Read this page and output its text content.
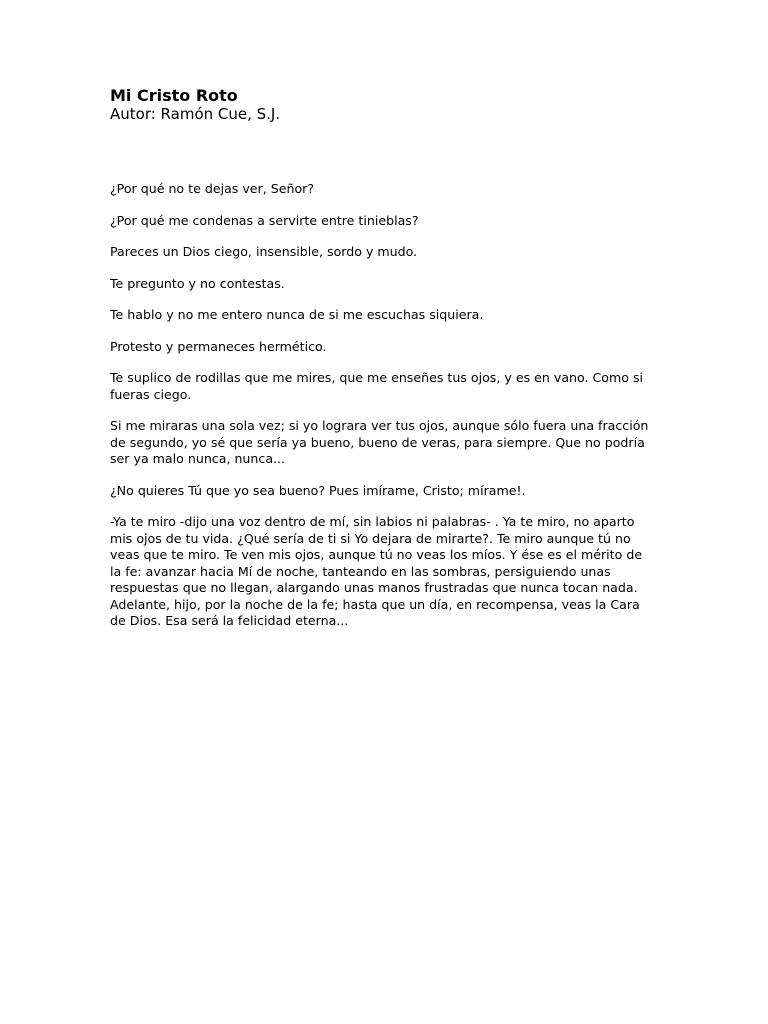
Mi Cristo Roto
Autor: Ramón Cue, S.J.

¿Por qué no te dejas ver, Señor?

¿Por qué me condenas a servirte entre tinieblas?

Pareces un Dios ciego, insensible, sordo y mudo.

Te pregunto y no contestas.

Te hablo y no me entero nunca de si me escuchas siquiera.

Protesto y permaneces hermético.

Te suplico de rodillas que me mires, que me enseñes tus ojos, y es en vano. Como si fueras ciego.

Si me miraras una sola vez; si yo lograra ver tus ojos, aunque sólo fuera una fracción de segundo, yo sé que sería ya bueno, bueno de veras, para siempre. Que no podría ser ya malo nunca, nunca...

¿No quieres Tú que yo sea bueno? Pues imírame, Cristo; mírame!.

-Ya te miro -dijo una voz dentro de mí, sin labios ni palabras- . Ya te miro, no aparto mis ojos de tu vida. ¿Qué sería de ti si Yo dejara de mirarte?. Te miro aunque tú no veas que te miro. Te ven mis ojos, aunque tú no veas los míos. Y ése es el mérito de la fe: avanzar hacia Mí de noche, tanteando en las sombras, persiguiendo unas respuestas que no llegan, alargando unas manos frustradas que nunca tocan nada. Adelante, hijo, por la noche de la fe; hasta que un día, en recompensa, veas la Cara de Dios. Esa será la felicidad eterna...
